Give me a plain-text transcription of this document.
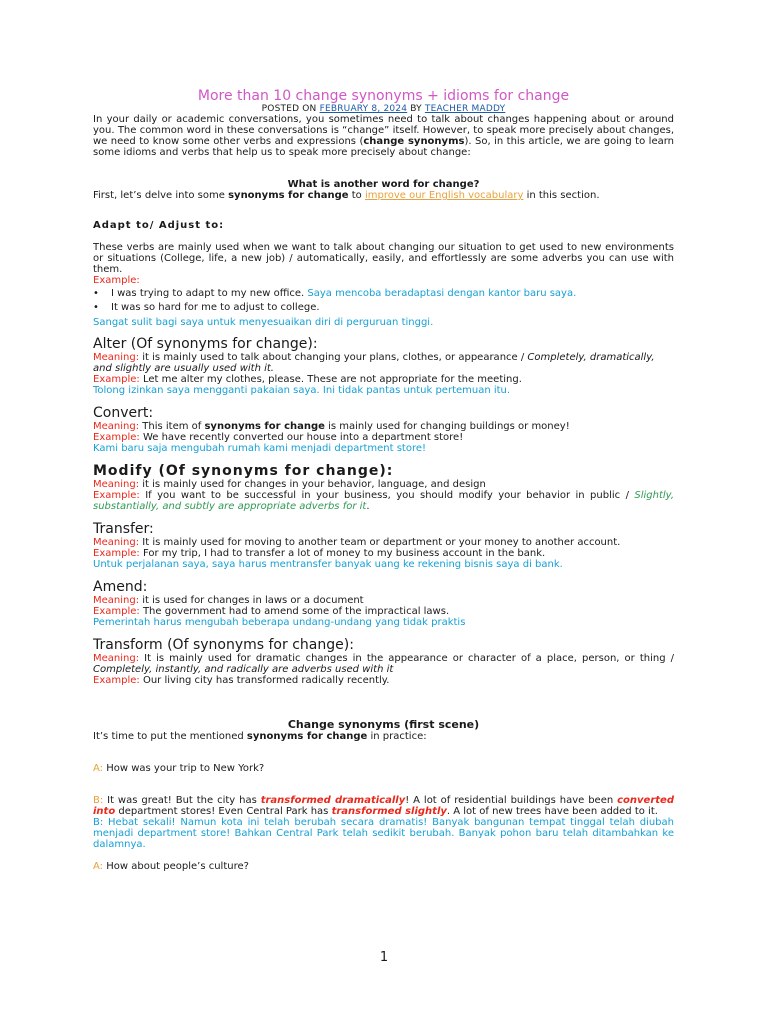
More than 10 change synonyms + idioms for change
POSTED ON FEBRUARY 8, 2024 BY TEACHER MADDY
In your daily or academic conversations, you sometimes need to talk about changes happening about or around you. The common word in these conversations is “change” itself. However, to speak more precisely about changes, we need to know some other verbs and expressions (change synonyms). So, in this article, we are going to learn some idioms and verbs that help us to speak more precisely about change:
What is another word for change?
First, let’s delve into some synonyms for change to improve our English vocabulary in this section.
Adapt to/ Adjust to:
These verbs are mainly used when we want to talk about changing our situation to get used to new environments or situations (College, life, a new job) / automatically, easily, and effortlessly are some adverbs you can use with them.
Example:
• I was trying to adapt to my new office. Saya mencoba beradaptasi dengan kantor baru saya.
• It was so hard for me to adjust to college.
Sangat sulit bagi saya untuk menyesuaikan diri di perguruan tinggi.
Alter (Of synonyms for change):
Meaning: it is mainly used to talk about changing your plans, clothes, or appearance / Completely, dramatically, and slightly are usually used with it.
Example: Let me alter my clothes, please. These are not appropriate for the meeting.
Tolong izinkan saya mengganti pakaian saya. Ini tidak pantas untuk pertemuan itu.
Convert:
Meaning: This item of synonyms for change is mainly used for changing buildings or money!
Example: We have recently converted our house into a department store!
Kami baru saja mengubah rumah kami menjadi department store!
Modify (Of synonyms for change):
Meaning: it is mainly used for changes in your behavior, language, and design
Example: If you want to be successful in your business, you should modify your behavior in public / Slightly, substantially, and subtly are appropriate adverbs for it.
Transfer:
Meaning: It is mainly used for moving to another team or department or your money to another account.
Example: For my trip, I had to transfer a lot of money to my business account in the bank.
Untuk perjalanan saya, saya harus mentransfer banyak uang ke rekening bisnis saya di bank.
Amend:
Meaning: it is used for changes in laws or a document
Example: The government had to amend some of the impractical laws.
Pemerintah harus mengubah beberapa undang-undang yang tidak praktis
Transform (Of synonyms for change):
Meaning: It is mainly used for dramatic changes in the appearance or character of a place, person, or thing / Completely, instantly, and radically are adverbs used with it
Example: Our living city has transformed radically recently.
Change synonyms (first scene)
It’s time to put the mentioned synonyms for change in practice:
A: How was your trip to New York?
B: It was great! But the city has transformed dramatically! A lot of residential buildings have been converted into department stores! Even Central Park has transformed slightly. A lot of new trees have been added to it.
B: Hebat sekali! Namun kota ini telah berubah secara dramatis! Banyak bangunan tempat tinggal telah diubah menjadi department store! Bahkan Central Park telah sedikit berubah. Banyak pohon baru telah ditambahkan ke dalamnya.
A: How about people’s culture?
1
